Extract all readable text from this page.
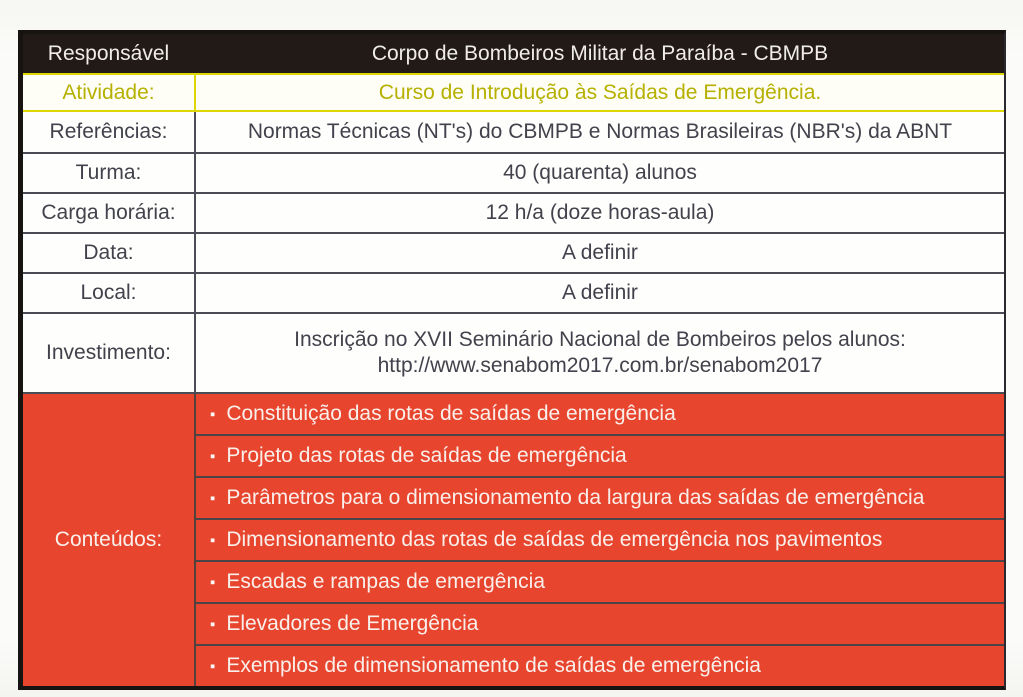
Responsável	Corpo de Bombeiros Militar da Paraíba - CBMPB
Atividade:	Curso de Introdução às Saídas de Emergência.
Referências:	Normas Técnicas (NT's) do CBMPB e Normas Brasileiras (NBR's) da ABNT
Turma:	40 (quarenta) alunos
Carga horária:	12 h/a (doze horas-aula)
Data:	A definir
Local:	A definir
Investimento:
Inscrição no XVII Seminário Nacional de Bombeiros pelos alunos:
http://www.senabom2017.com.br/senabom2017
Conteúdos:
▪ Constituição das rotas de saídas de emergência
▪ Projeto das rotas de saídas de emergência
▪ Parâmetros para o dimensionamento da largura das saídas de emergência
▪ Dimensionamento das rotas de saídas de emergência nos pavimentos
▪ Escadas e rampas de emergência
▪ Elevadores de Emergência
▪ Exemplos de dimensionamento de saídas de emergência
